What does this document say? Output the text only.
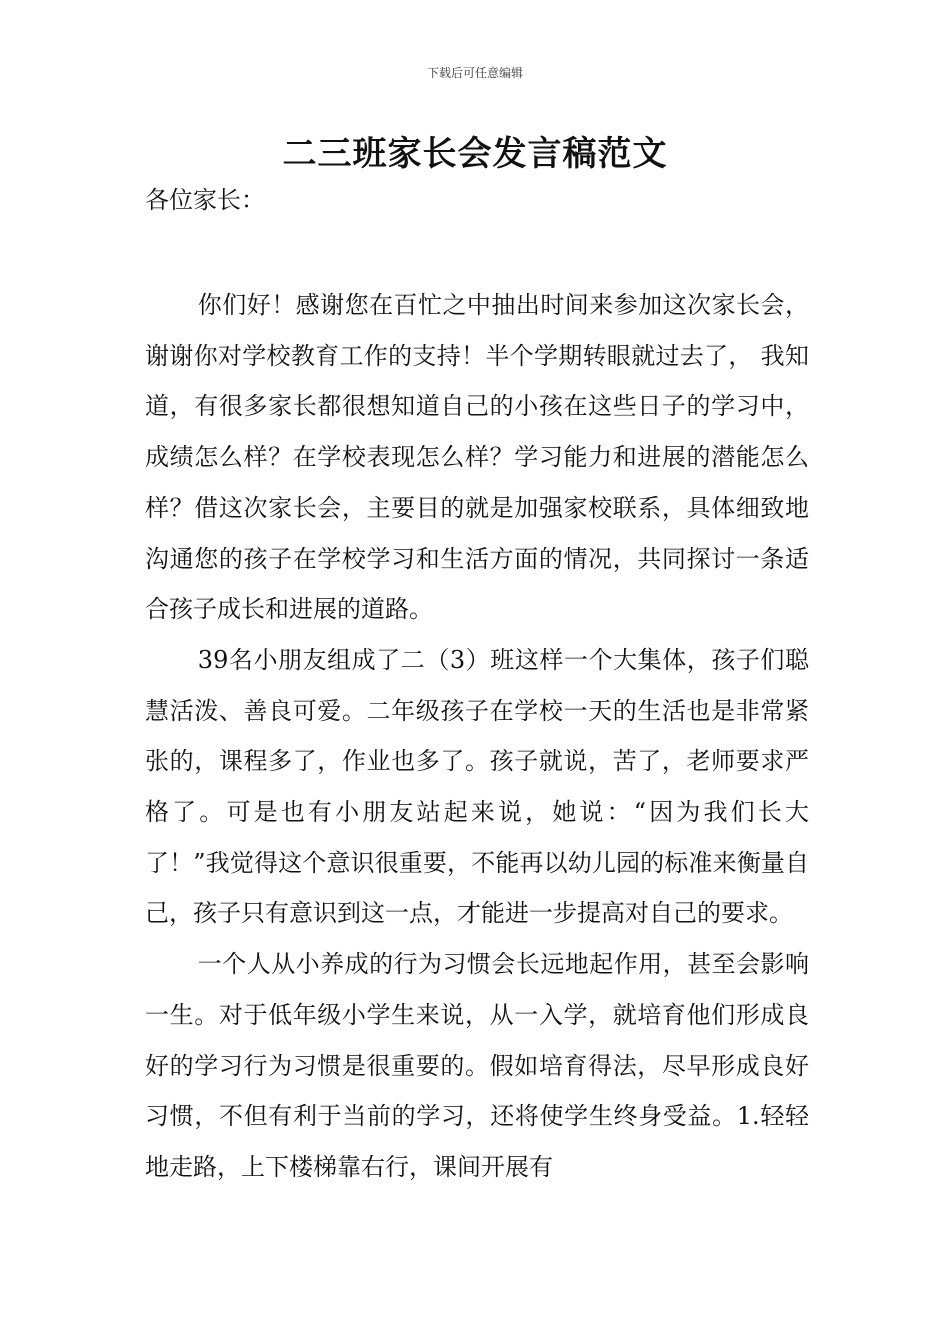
下载后可任意编辑
二三班家长会发言稿范文

各位家长：

你们好！感谢您在百忙之中抽出时间来参加这次家长会，谢谢你对学校教育工作的支持！半个学期转眼就过去了， 我知道，有很多家长都很想知道自己的小孩在这些日子的学习中，成绩怎么样？在学校表现怎么样？学习能力和进展的潜能怎么样？借这次家长会，主要目的就是加强家校联系，具体细致地沟通您的孩子在学校学习和生活方面的情况，共同探讨一条适合孩子成长和进展的道路。

39名小朋友组成了二（3）班这样一个大集体，孩子们聪慧活泼、善良可爱。二年级孩子在学校一天的生活也是非常紧张的，课程多了，作业也多了。孩子就说，苦了，老师要求严格了。可是也有小朋友站起来说，她说：“因为我们长大了！”我觉得这个意识很重要，不能再以幼儿园的标准来衡量自己，孩子只有意识到这一点，才能进一步提高对自己的要求。

一个人从小养成的行为习惯会长远地起作用，甚至会影响一生。对于低年级小学生来说，从一入学，就培育他们形成良好的学习行为习惯是很重要的。假如培育得法，尽早形成良好习惯，不但有利于当前的学习，还将使学生终身受益。1.轻轻地走路，上下楼梯靠右行，课间开展有
